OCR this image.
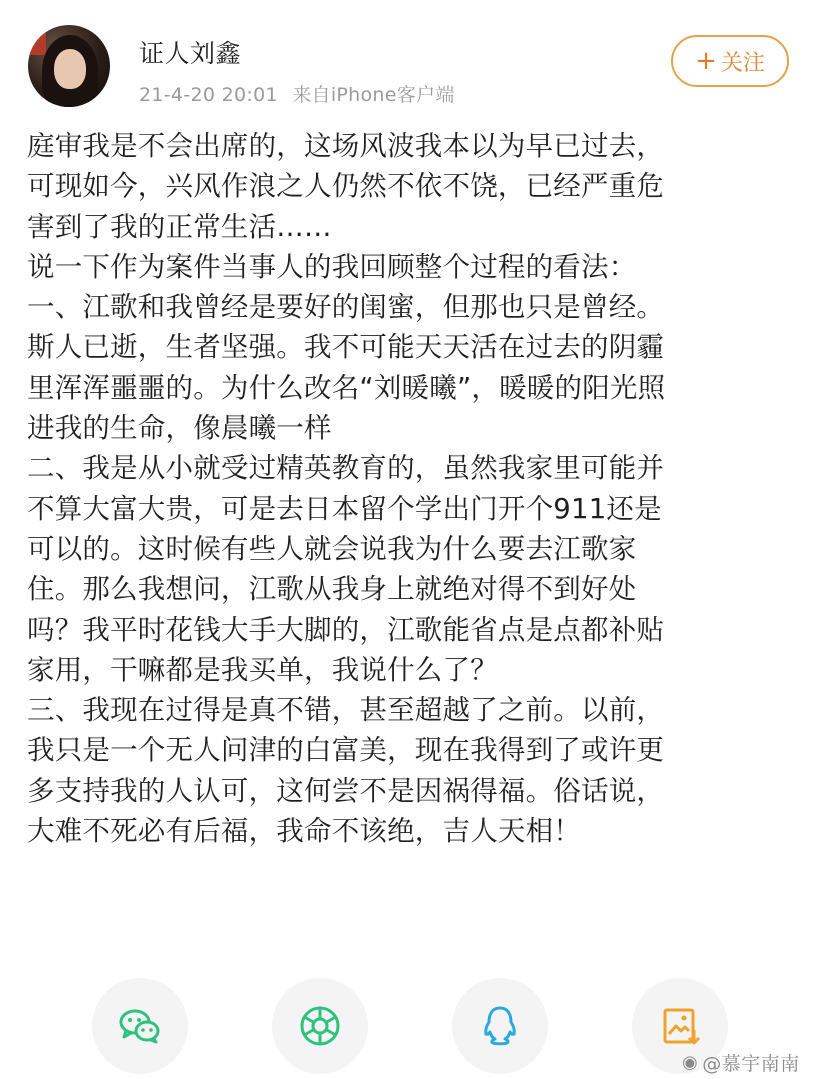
证人刘鑫
21-4-20 20:01 来自iPhone客户端
+ 关注
庭审我是不会出席的，这场风波我本以为早已过去，
可现如今，兴风作浪之人仍然不依不饶，已经严重危
害到了我的正常生活……
说一下作为案件当事人的我回顾整个过程的看法：
一、江歌和我曾经是要好的闺蜜，但那也只是曾经。
斯人已逝，生者坚强。我不可能天天活在过去的阴霾
里浑浑噩噩的。为什么改名“刘暖曦”，暖暖的阳光照
进我的生命，像晨曦一样
二、我是从小就受过精英教育的，虽然我家里可能并
不算大富大贵，可是去日本留个学出门开个911还是
可以的。这时候有些人就会说我为什么要去江歌家
住。那么我想问，江歌从我身上就绝对得不到好处
吗？我平时花钱大手大脚的，江歌能省点是点都补贴
家用，干嘛都是我买单，我说什么了？
三、我现在过得是真不错，甚至超越了之前。以前，
我只是一个无人问津的白富美，现在我得到了或许更
多支持我的人认可，这何尝不是因祸得福。俗话说，
大难不死必有后福，我命不该绝，吉人天相！
◉ @慕宇南南
